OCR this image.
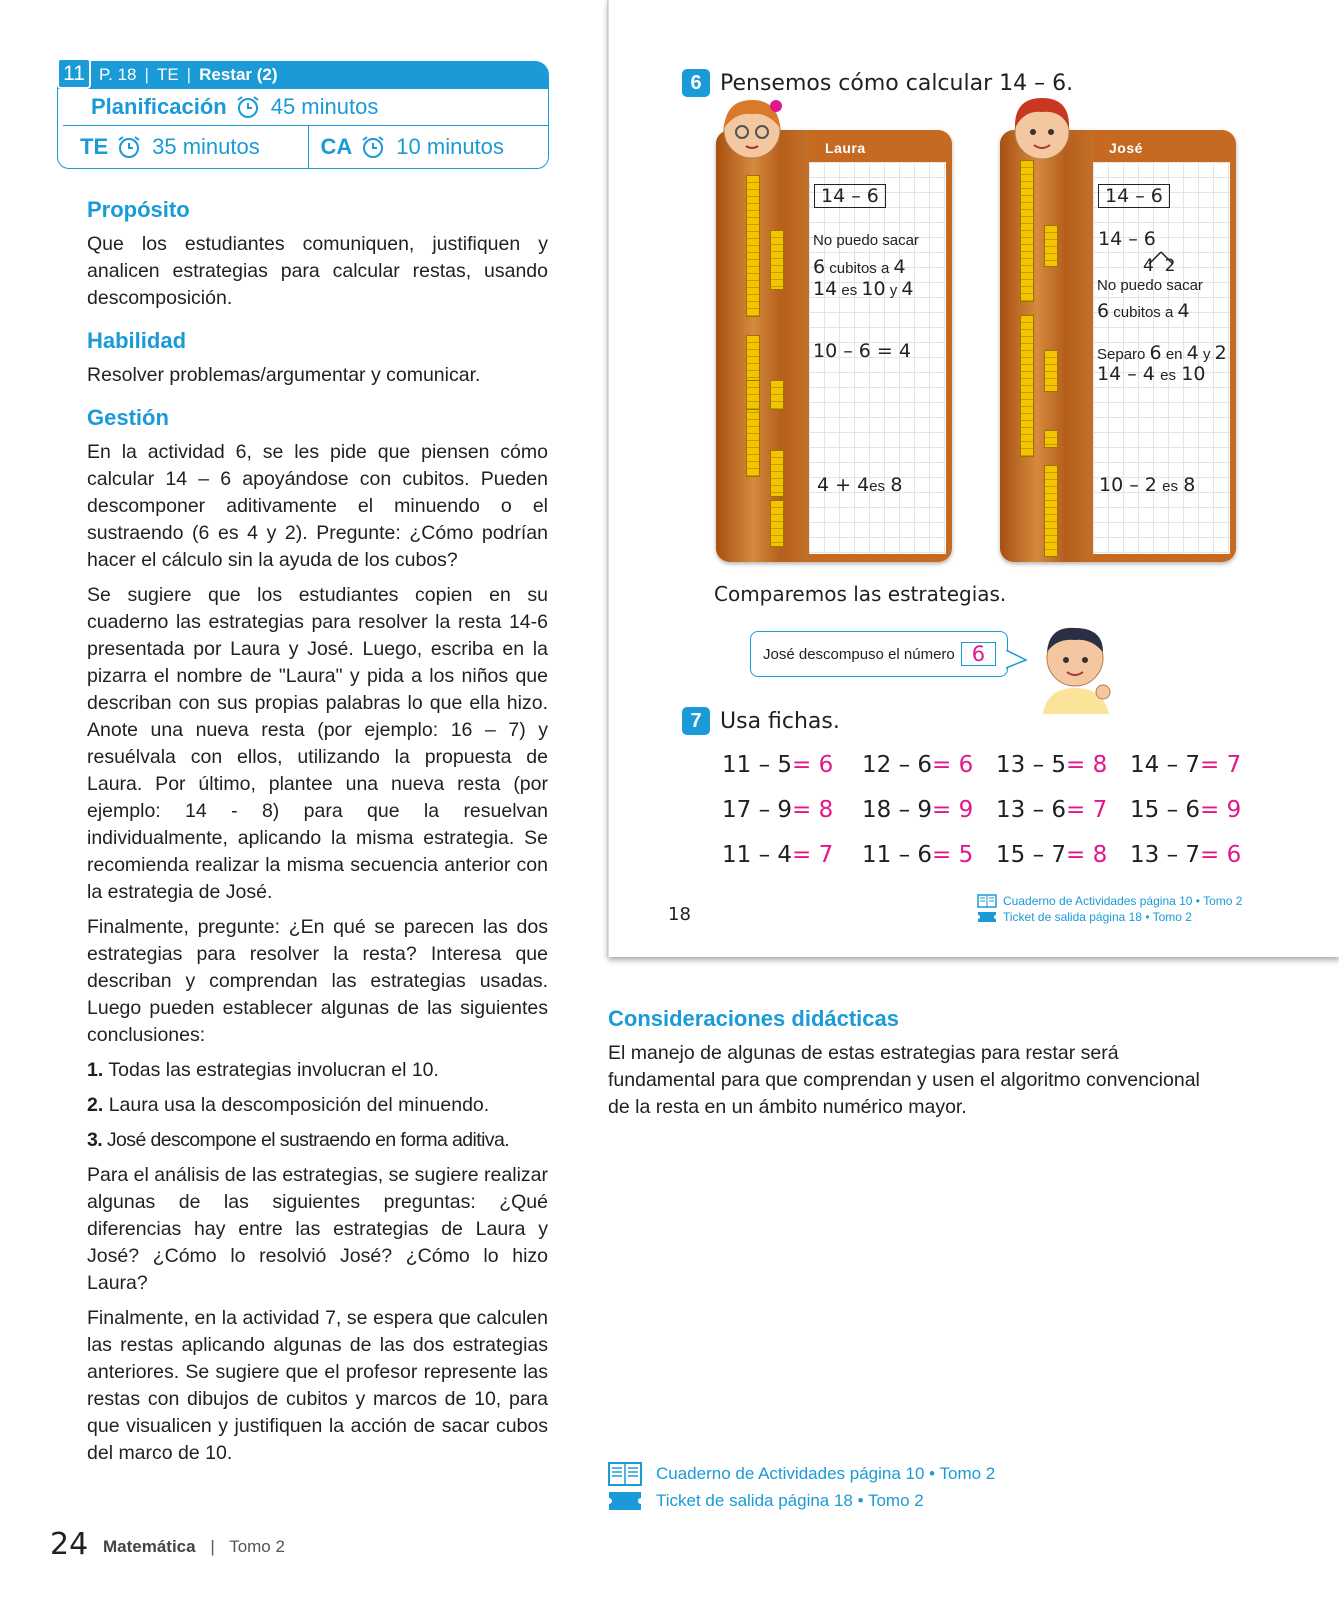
11 P. 18 | TE | Restar (2)
Planificación 45 minutos
TE 35 minutos	CA 10 minutos
Propósito

Que los estudiantes comuniquen, justifiquen y analicen estrategias para calcular restas, usando descomposición.

Habilidad

Resolver problemas/argumentar y comunicar.

Gestión

En la actividad 6, se les pide que piensen cómo calcular 14 – 6 apoyándose con cubitos. Pueden descomponer aditivamente el minuendo o el sustraendo (6 es 4 y 2). Pregunte: ¿Cómo podrían hacer el cálculo sin la ayuda de los cubos?

Se sugiere que los estudiantes copien en su cuaderno las estrategias para resolver la resta 14-6 presentada por Laura y José. Luego, escriba en la pizarra el nombre de "Laura" y pida a los niños que describan con sus propias palabras lo que ella hizo. Anote una nueva resta (por ejemplo: 16 – 7) y resuélvala con ellos, utilizando la propuesta de Laura. Por último, plantee una nueva resta (por ejemplo: 14 - 8) para que la resuelvan individualmente, aplicando la misma estrategia. Se recomienda realizar la misma secuencia anterior con la estrategia de José.

Finalmente, pregunte: ¿En qué se parecen las dos estrategias para resolver la resta? Interesa que describan y comprendan las estrategias usadas. Luego pueden establecer algunas de las siguientes conclusiones:

1. Todas las estrategias involucran el 10.
2. Laura usa la descomposición del minuendo.
3. José descompone el sustraendo en forma aditiva.

Para el análisis de las estrategias, se sugiere realizar algunas de las siguientes preguntas: ¿Qué diferencias hay entre las estrategias de Laura y José? ¿Cómo lo resolvió José? ¿Cómo lo hizo Laura?

Finalmente, en la actividad 7, se espera que calculen las restas aplicando algunas de las dos estrategias anteriores. Se sugiere que el profesor represente las restas con dibujos de cubitos y marcos de 10, para que visualicen y justifiquen la acción de sacar cubos del marco de 10.

24 Matemática | Tomo 2
6 Pensemos cómo calcular 14 – 6.
Laura
14 – 6
No puedo sacar
6 cubitos a 4
14 es 10 y 4
10 – 6 = 4
4 + 4es 8
José
14 – 6
14 – 6
4  2
No puedo sacar
6 cubitos a 4
Separo 6 en 4 y 2
14 – 4 es 10
10 – 2 es 8
Comparemos las estrategias.
José descompuso el número 6
7 Usa fichas.
11 – 5= 6 12 – 6= 6 13 – 5= 8 14 – 7= 7
17 – 9= 8 18 – 9= 9 13 – 6= 7 15 – 6= 9
11 – 4= 7 11 – 6= 5 15 – 7= 8 13 – 7= 6
18
Cuaderno de Actividades página 10 • Tomo 2
Ticket de salida página 18 • Tomo 2
Consideraciones didácticas

El manejo de algunas de estas estrategias para restar será fundamental para que comprendan y usen el algoritmo convencional de la resta en un ámbito numérico mayor.

Cuaderno de Actividades página 10 • Tomo 2
Ticket de salida página 18 • Tomo 2
